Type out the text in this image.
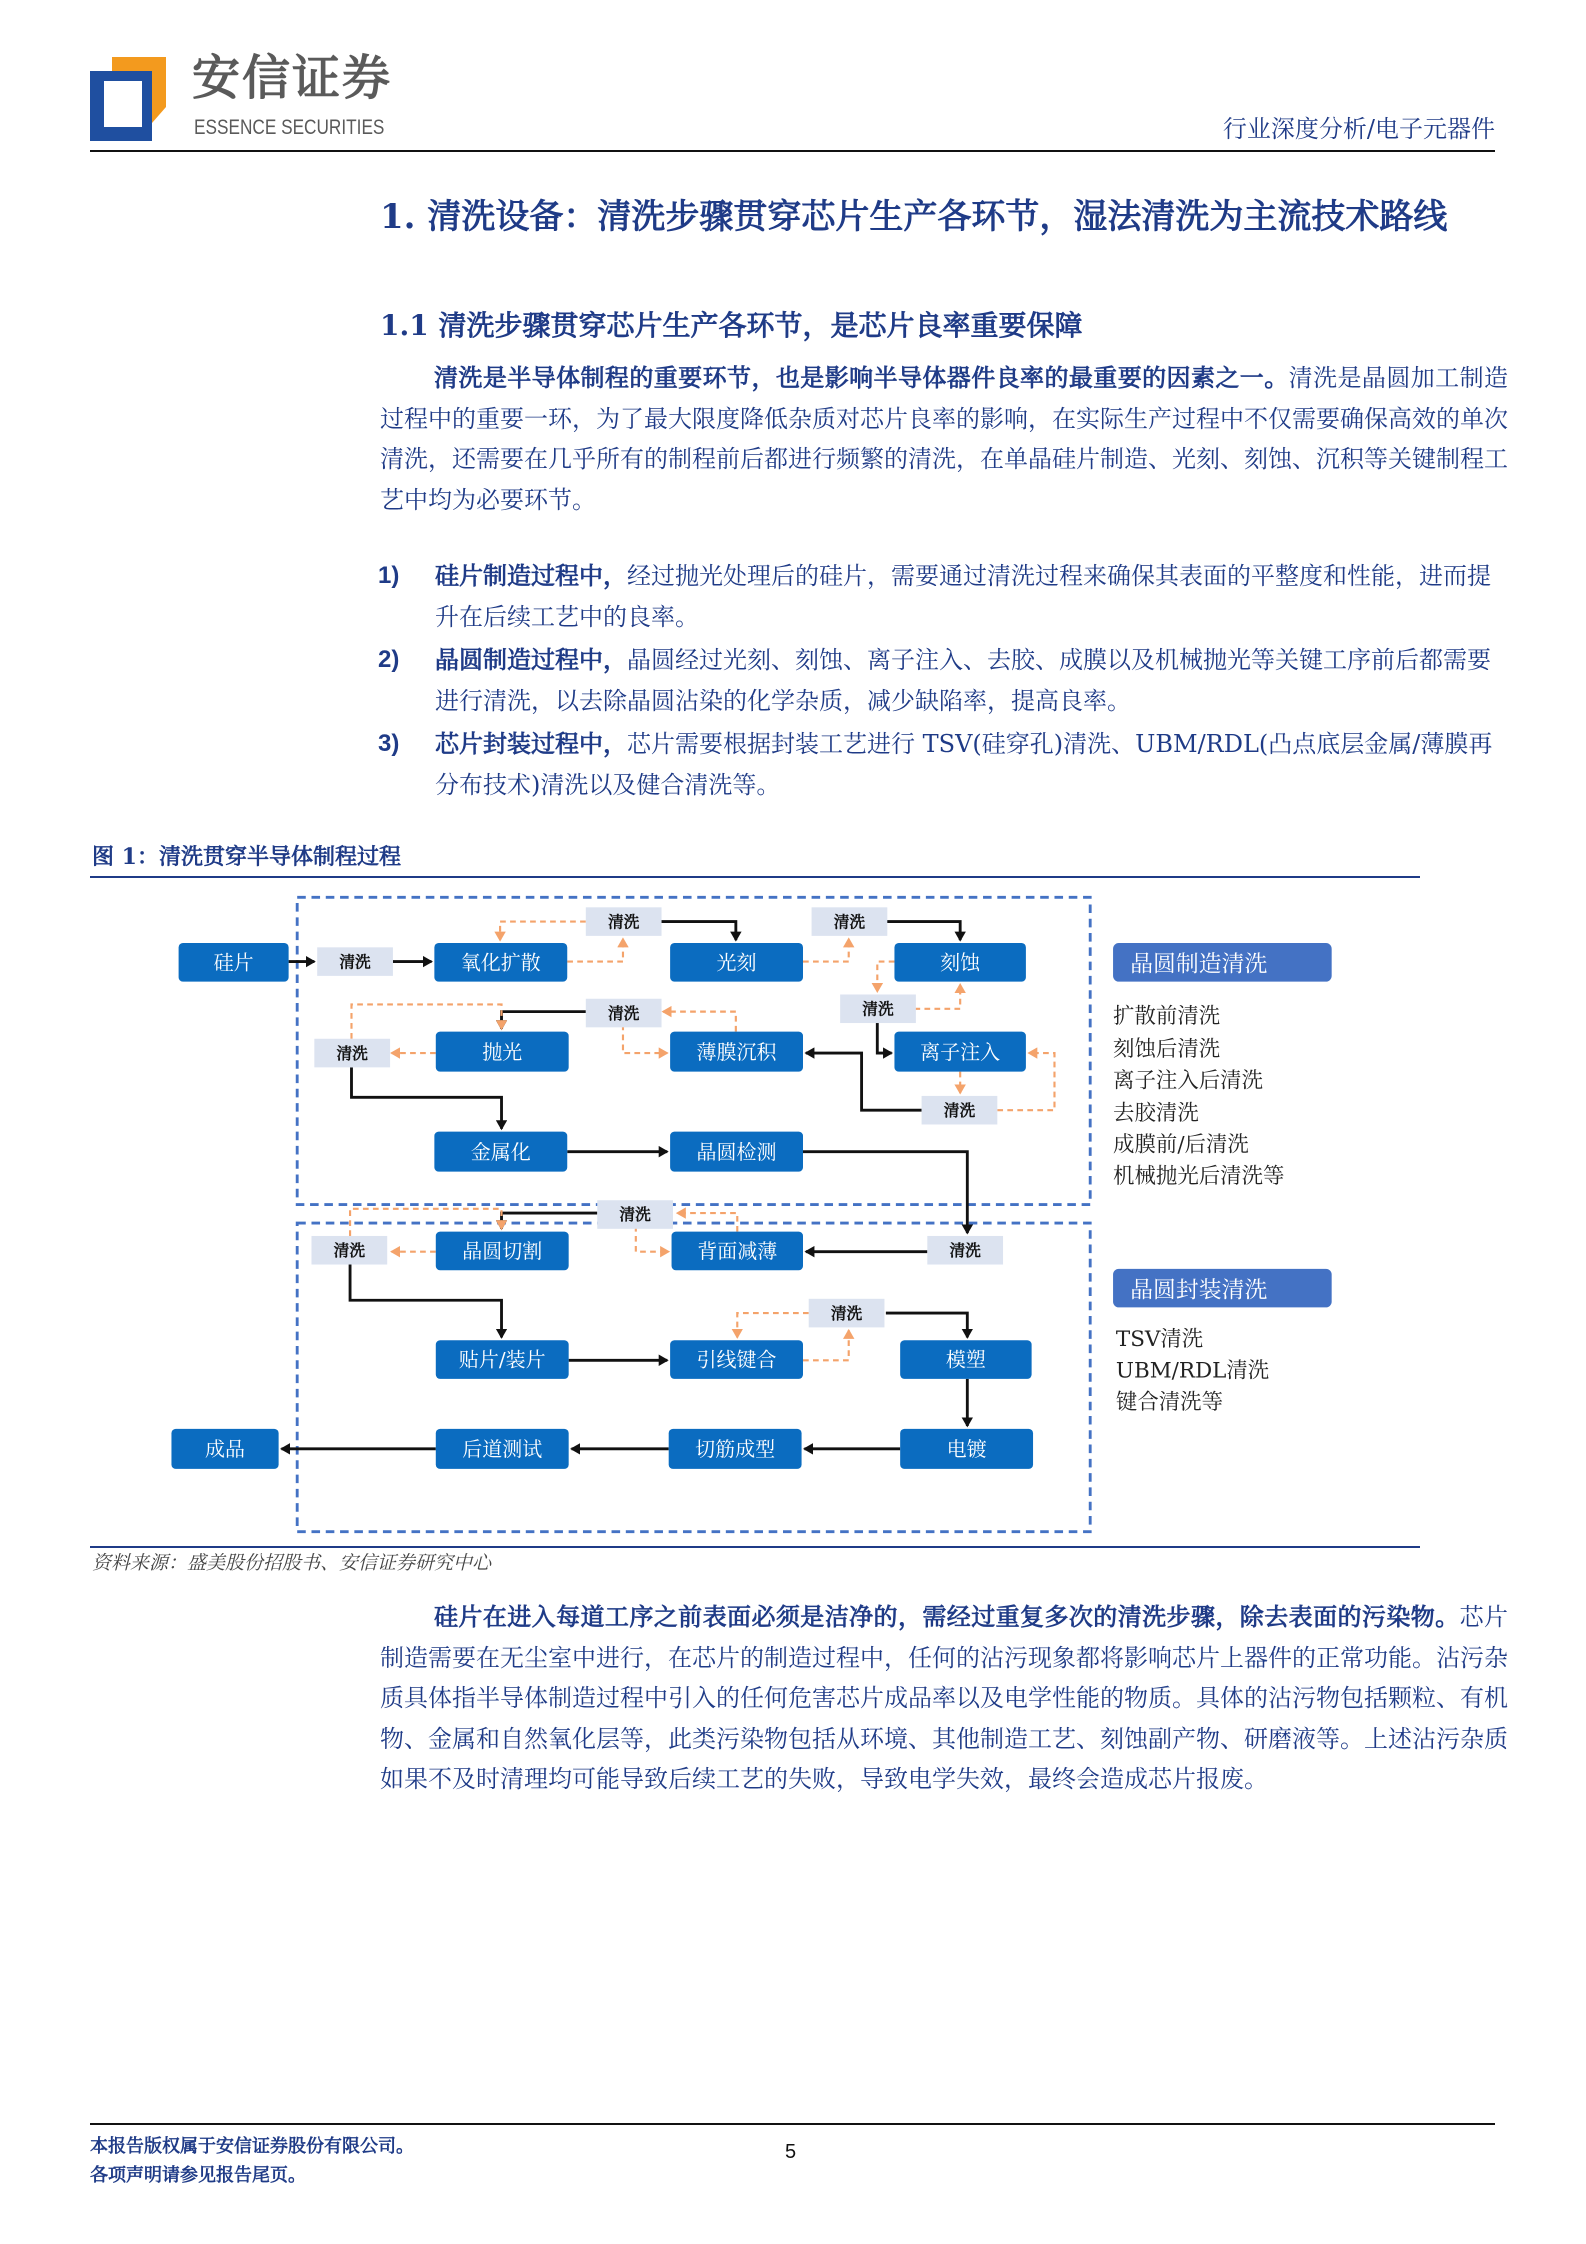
安信证券
ESSENCE SECURITIES	行业深度分析/电子元器件
1. 清洗设备：清洗步骤贯穿芯片生产各环节，湿法清洗为主流技术路线
1.1 清洗步骤贯穿芯片生产各环节，是芯片良率重要保障
清洗是半导体制程的重要环节，也是影响半导体器件良率的最重要的因素之一。清洗是晶圆加工制造过程中的重要一环，为了最大限度降低杂质对芯片良率的影响，在实际生产过程中不仅需要确保高效的单次清洗，还需要在几乎所有的制程前后都进行频繁的清洗，在单晶硅片制造、光刻、刻蚀、沉积等关键制程工艺中均为必要环节。
1) 硅片制造过程中，经过抛光处理后的硅片，需要通过清洗过程来确保其表面的平整度和性能，进而提升在后续工艺中的良率。
2) 晶圆制造过程中，晶圆经过光刻、刻蚀、离子注入、去胶、成膜以及机械抛光等关键工序前后都需要进行清洗，以去除晶圆沾染的化学杂质，减少缺陷率，提高良率。
3) 芯片封装过程中，芯片需要根据封装工艺进行 TSV(硅穿孔)清洗、UBM/RDL(凸点底层金属/薄膜再分布技术)清洗以及健合清洗等。
图 1：清洗贯穿半导体制程过程
硅片	氧化扩散	光刻	刻蚀
抛光	薄膜沉积	离子注入
金属化	晶圆检测
晶圆切割	背面减薄
贴片/装片	引线键合	模塑
成品	后道测试	切筋成型	电镀
清洗
清洗	清洗
清洗
清洗	清洗
清洗
清洗
清洗	清洗
清洗
晶圆制造清洗
扩散前清洗
刻蚀后清洗
离子注入后清洗
去胶清洗
成膜前/后清洗
机械抛光后清洗等
晶圆封装清洗
TSV清洗
UBM/RDL清洗
键合清洗等
资料来源：盛美股份招股书、安信证券研究中心
硅片在进入每道工序之前表面必须是洁净的，需经过重复多次的清洗步骤，除去表面的污染物。芯片制造需要在无尘室中进行，在芯片的制造过程中，任何的沾污现象都将影响芯片上器件的正常功能。沾污杂质具体指半导体制造过程中引入的任何危害芯片成品率以及电学性能的物质。具体的沾污物包括颗粒、有机物、金属和自然氧化层等，此类污染物包括从环境、其他制造工艺、刻蚀副产物、研磨液等。上述沾污杂质如果不及时清理均可能导致后续工艺的失败，导致电学失效，最终会造成芯片报废。
本报告版权属于安信证券股份有限公司。
各项声明请参见报告尾页。
5
